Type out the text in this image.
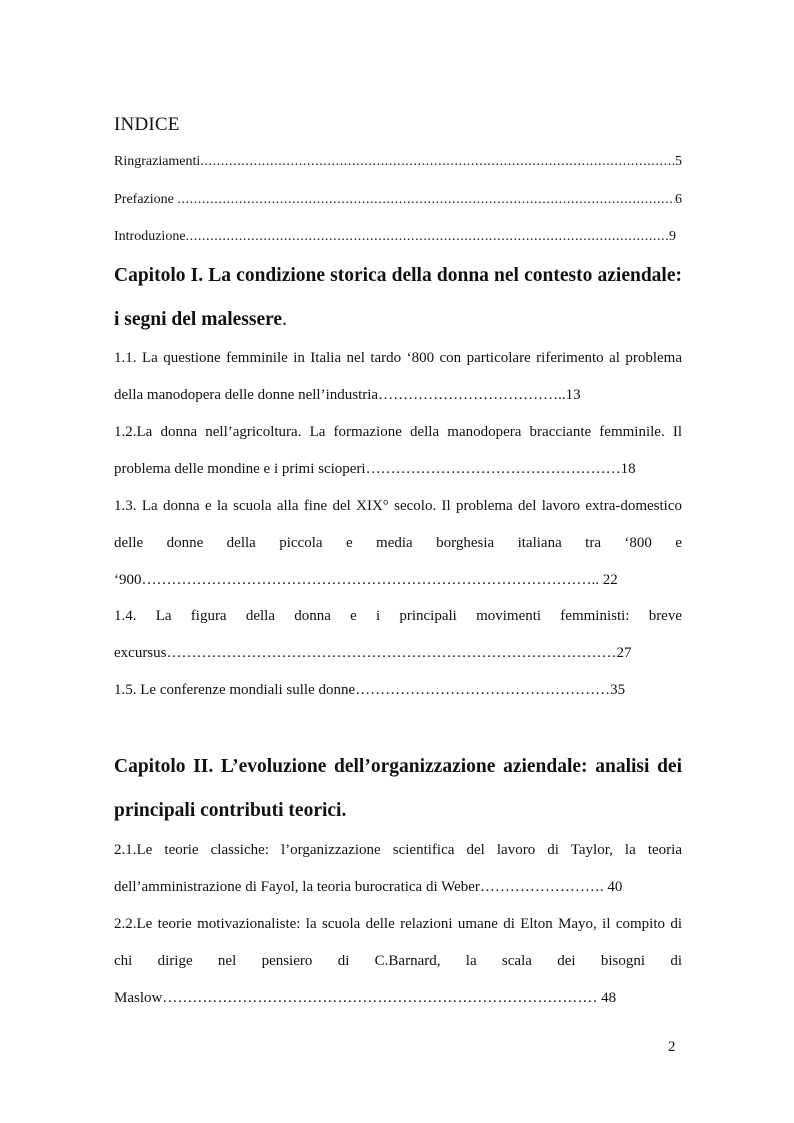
INDICE
Ringraziamenti .....	5
Prefazione .....	6
Introduzione .....	9
Capitolo I. La condizione storica della donna nel contesto aziendale: i segni del malessere.
1.1. La questione femminile in Italia nel tardo ‘800 con particolare riferimento al problema della manodopera delle donne nell’industria………………………………..13
1.2.La donna nell’agricoltura. La formazione della manodopera bracciante femminile. Il problema delle mondine e i primi scioperi……………………………………………18
1.3. La donna e la scuola alla fine del XIX° secolo. Il problema del lavoro extra-domestico delle donne della piccola e media borghesia italiana tra ‘800 e ‘900……………………………………………………………………………….. 22
1.4. La figura della donna e i principali movimenti femministi: breve excursus………………………………………………………………………………27
1.5. Le conferenze mondiali sulle donne……………………………………………35
Capitolo II. L’evoluzione dell’organizzazione aziendale: analisi dei principali contributi teorici.
2.1.Le teorie classiche: l’organizzazione scientifica del lavoro di Taylor, la teoria dell’amministrazione di Fayol, la teoria burocratica di Weber……………………. 40
2.2.Le teorie motivazionaliste: la scuola delle relazioni umane di Elton Mayo, il compito di chi dirige nel pensiero di C.Barnard, la scala dei bisogni di Maslow…………………………………………………………………………… 48
2
